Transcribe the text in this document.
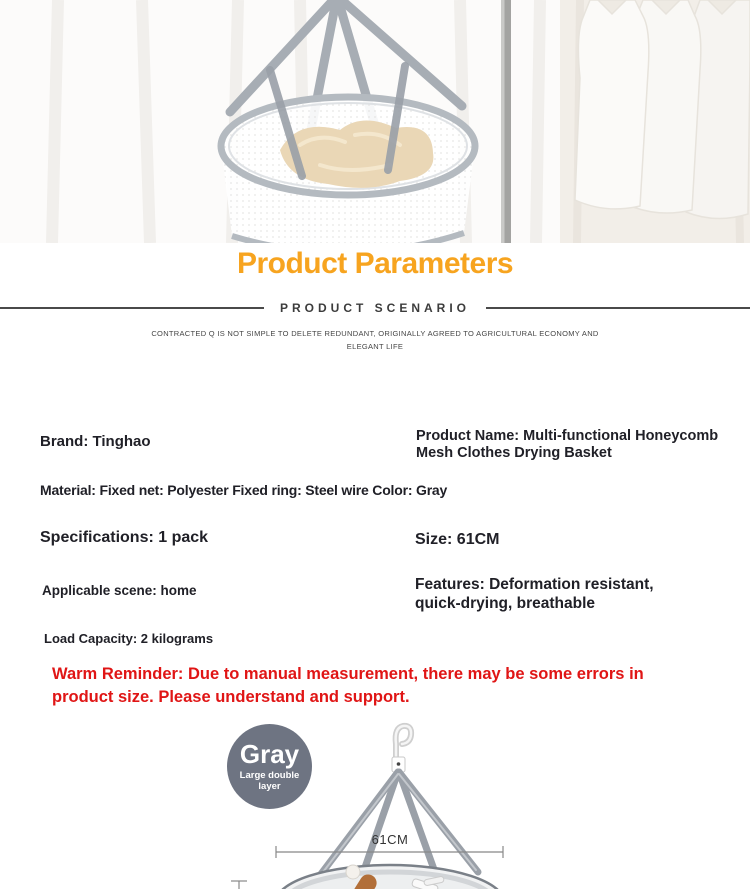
Product Parameters
PRODUCT SCENARIO
CONTRACTED Q IS NOT SIMPLE TO DELETE REDUNDANT, ORIGINALLY AGREED TO AGRICULTURAL ECONOMY AND
ELEGANT LIFE
Brand: Tinghao	Product Name: Multi-functional Honeycomb
Mesh Clothes Drying Basket
Material: Fixed net: Polyester Fixed ring: Steel wire Color: Gray
Specifications: 1 pack	Size: 61CM
Applicable scene: home	Features: Deformation resistant,
quick-drying, breathable
Load Capacity: 2 kilograms
Warm Reminder: Due to manual measurement, there may be some errors in
product size. Please understand and support.
Gray
Large double
layer
61CM
